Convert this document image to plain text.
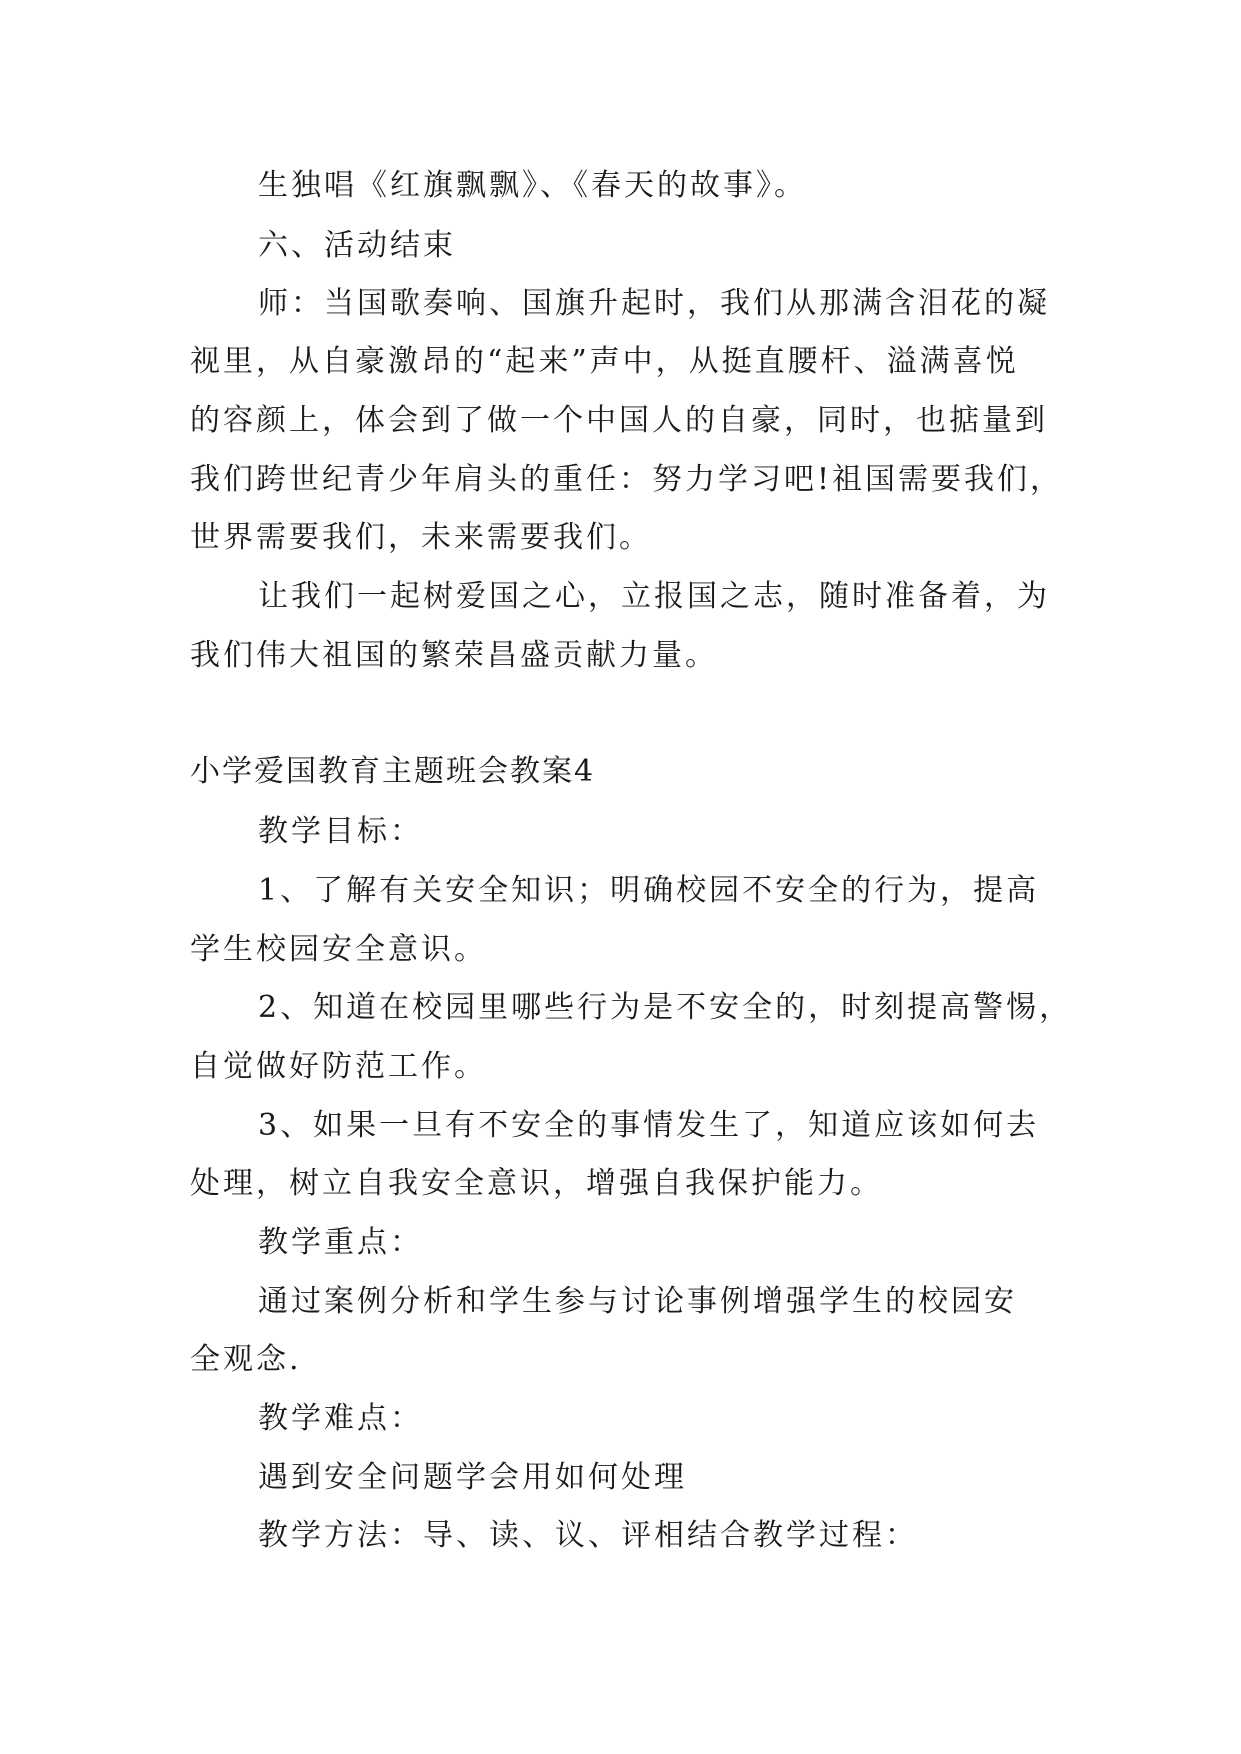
生独唱《红旗飘飘》、《春天的故事》。
六、活动结束
师：当国歌奏响、国旗升起时，我们从那满含泪花的凝
视里，从自豪激昂的“起来”声中，从挺直腰杆、溢满喜悦
的容颜上，体会到了做一个中国人的自豪，同时，也掂量到
我们跨世纪青少年肩头的重任：努力学习吧!祖国需要我们，
世界需要我们，未来需要我们。
让我们一起树爱国之心，立报国之志，随时准备着，为
我们伟大祖国的繁荣昌盛贡献力量。
小学爱国教育主题班会教案4
教学目标：
1、了解有关安全知识；明确校园不安全的行为，提高
学生校园安全意识。
2、知道在校园里哪些行为是不安全的，时刻提高警惕，
自觉做好防范工作。
3、如果一旦有不安全的事情发生了，知道应该如何去
处理，树立自我安全意识，增强自我保护能力。
教学重点：
通过案例分析和学生参与讨论事例增强学生的校园安
全观念.
教学难点：
遇到安全问题学会用如何处理
教学方法：导、读、议、评相结合教学过程：
